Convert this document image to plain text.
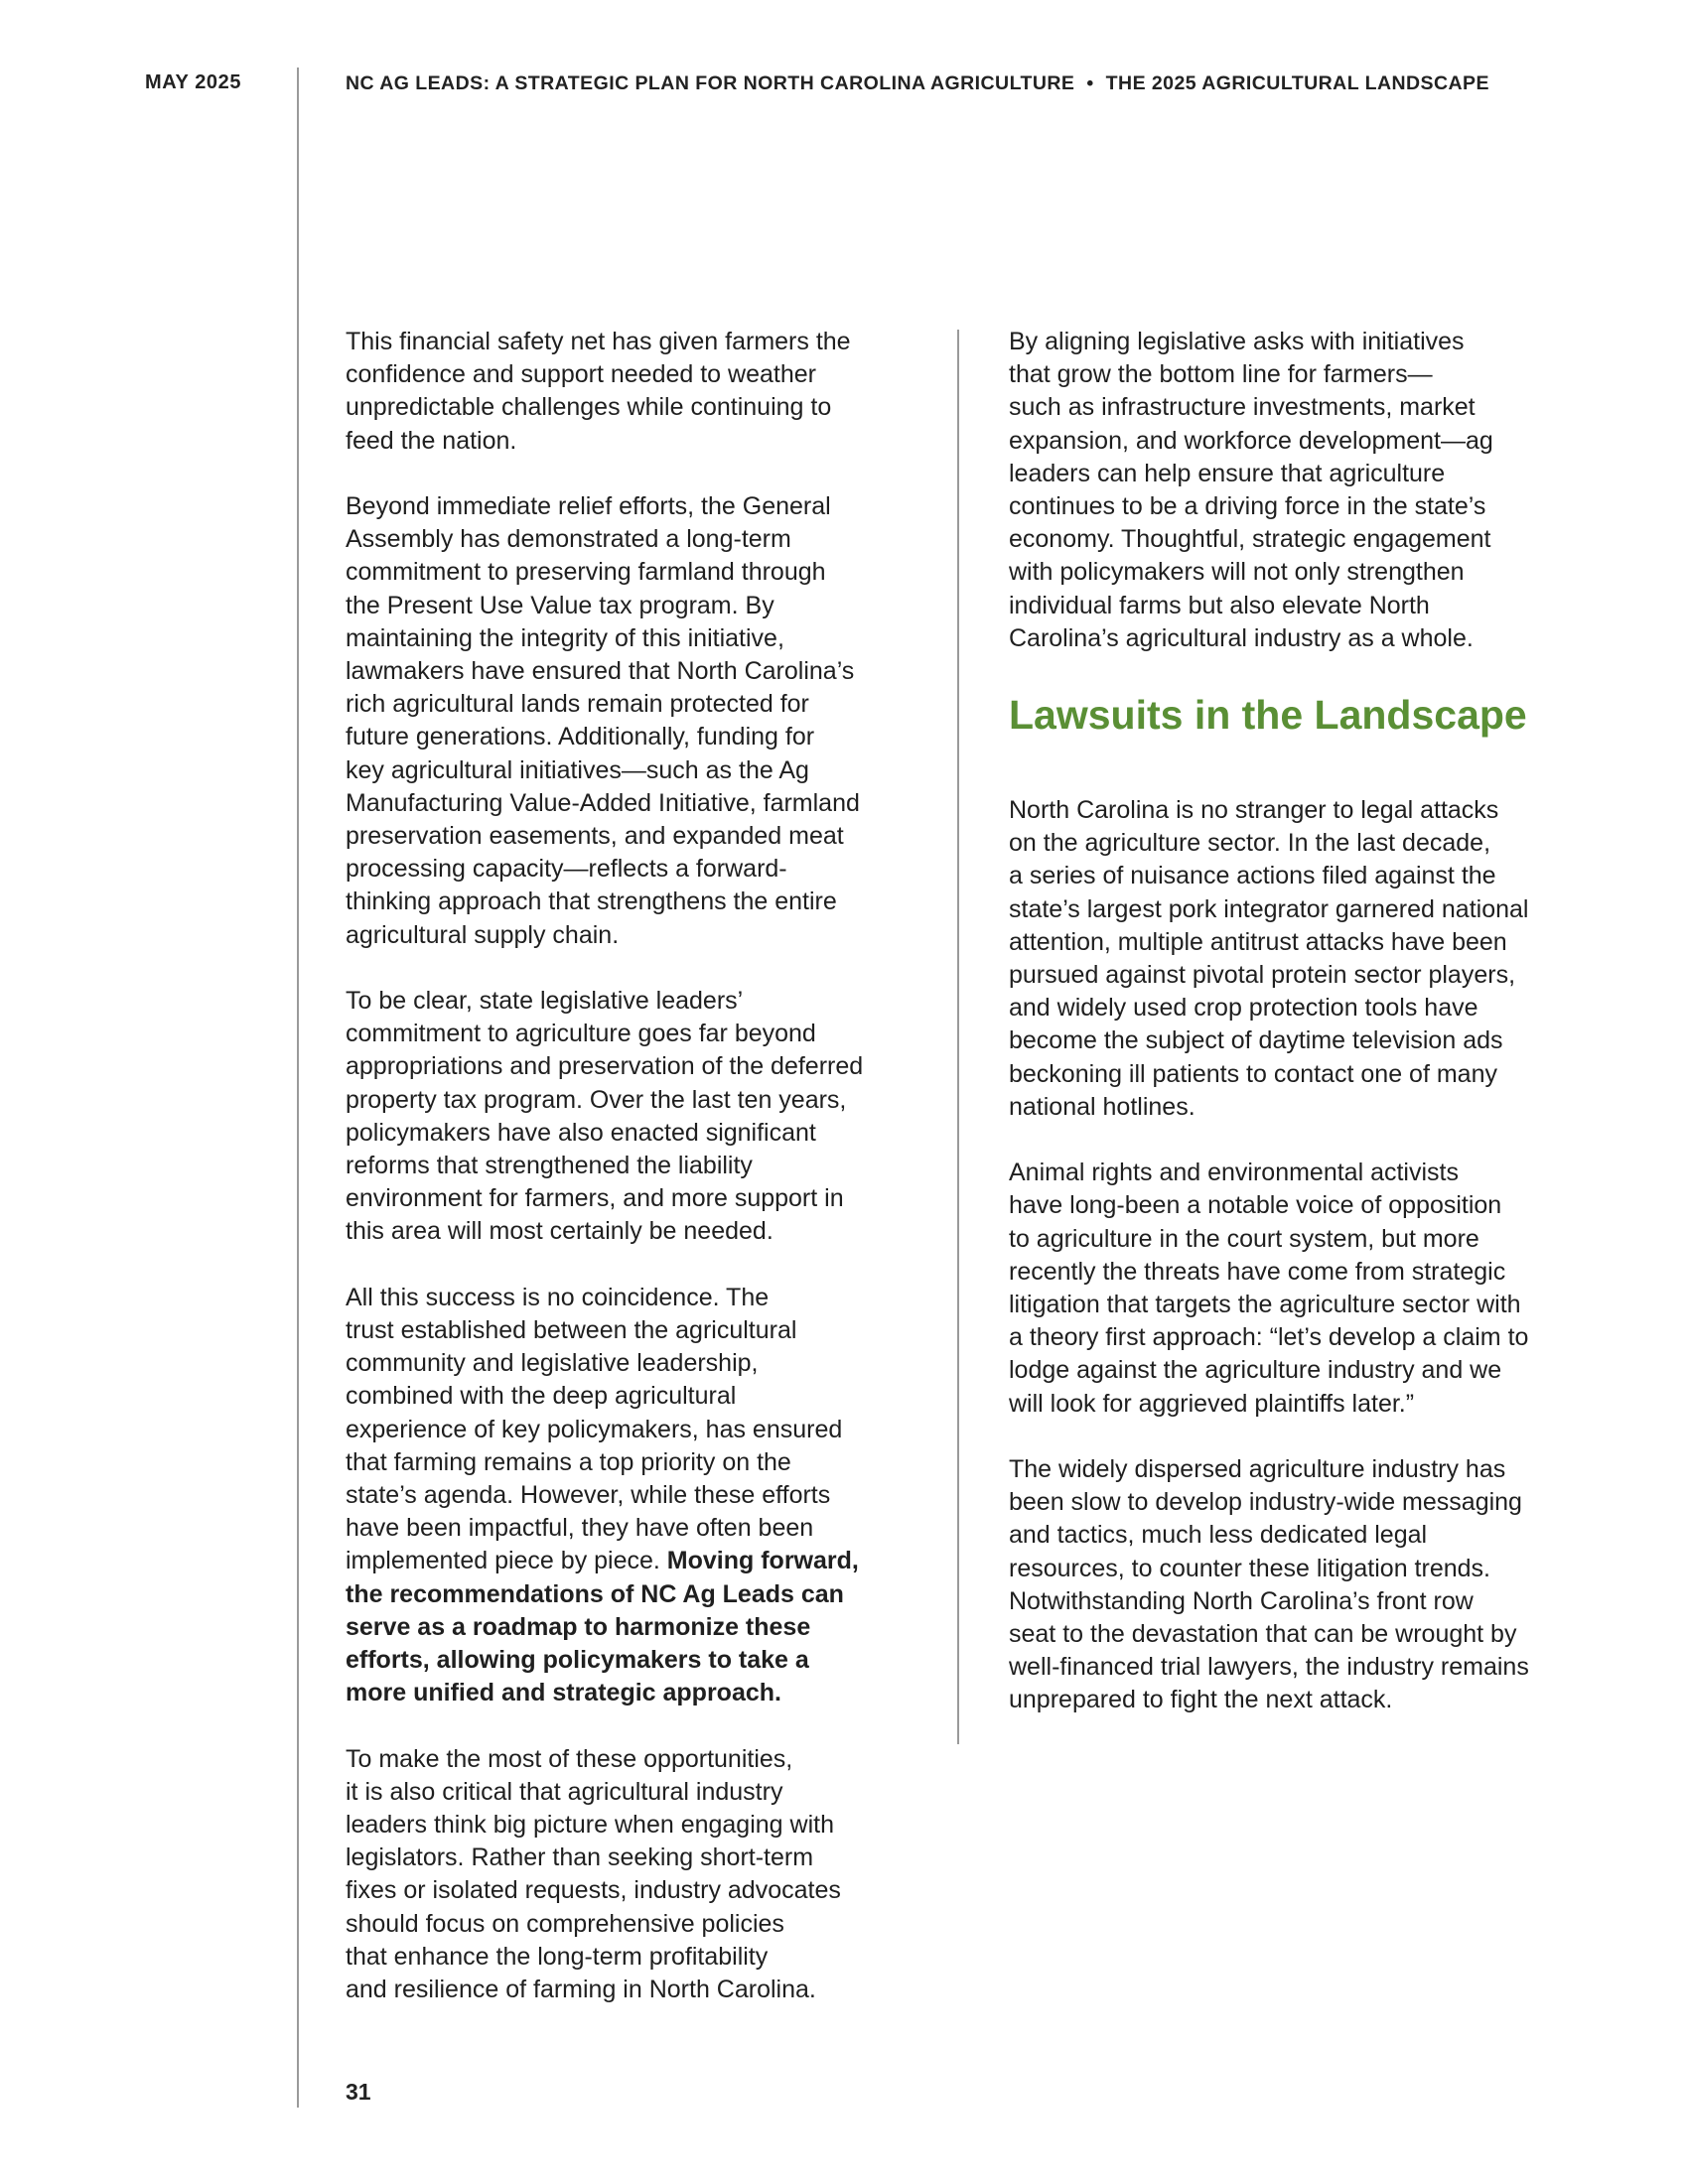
MAY 2025	NC AG LEADS: A STRATEGIC PLAN FOR NORTH CAROLINA AGRICULTURE • THE 2025 AGRICULTURAL LANDSCAPE

This financial safety net has given farmers the
confidence and support needed to weather
unpredictable challenges while continuing to
feed the nation.

Beyond immediate relief efforts, the General
Assembly has demonstrated a long-term
commitment to preserving farmland through
the Present Use Value tax program. By
maintaining the integrity of this initiative,
lawmakers have ensured that North Carolina’s
rich agricultural lands remain protected for
future generations. Additionally, funding for
key agricultural initiatives—such as the Ag
Manufacturing Value-Added Initiative, farmland
preservation easements, and expanded meat
processing capacity—reflects a forward-
thinking approach that strengthens the entire
agricultural supply chain.

To be clear, state legislative leaders’
commitment to agriculture goes far beyond
appropriations and preservation of the deferred
property tax program. Over the last ten years,
policymakers have also enacted significant
reforms that strengthened the liability
environment for farmers, and more support in
this area will most certainly be needed.

All this success is no coincidence. The
trust established between the agricultural
community and legislative leadership,
combined with the deep agricultural
experience of key policymakers, has ensured
that farming remains a top priority on the
state’s agenda. However, while these efforts
have been impactful, they have often been
implemented piece by piece. Moving forward,
the recommendations of NC Ag Leads can
serve as a roadmap to harmonize these
efforts, allowing policymakers to take a
more unified and strategic approach.

To make the most of these opportunities,
it is also critical that agricultural industry
leaders think big picture when engaging with
legislators. Rather than seeking short-term
fixes or isolated requests, industry advocates
should focus on comprehensive policies
that enhance the long-term profitability
and resilience of farming in North Carolina.

By aligning legislative asks with initiatives
that grow the bottom line for farmers—
such as infrastructure investments, market
expansion, and workforce development—ag
leaders can help ensure that agriculture
continues to be a driving force in the state’s
economy. Thoughtful, strategic engagement
with policymakers will not only strengthen
individual farms but also elevate North
Carolina’s agricultural industry as a whole.

Lawsuits in the Landscape

North Carolina is no stranger to legal attacks
on the agriculture sector. In the last decade,
a series of nuisance actions filed against the
state’s largest pork integrator garnered national
attention, multiple antitrust attacks have been
pursued against pivotal protein sector players,
and widely used crop protection tools have
become the subject of daytime television ads
beckoning ill patients to contact one of many
national hotlines.

Animal rights and environmental activists
have long-been a notable voice of opposition
to agriculture in the court system, but more
recently the threats have come from strategic
litigation that targets the agriculture sector with
a theory first approach: “let’s develop a claim to
lodge against the agriculture industry and we
will look for aggrieved plaintiffs later.”

The widely dispersed agriculture industry has
been slow to develop industry-wide messaging
and tactics, much less dedicated legal
resources, to counter these litigation trends.
Notwithstanding North Carolina’s front row
seat to the devastation that can be wrought by
well-financed trial lawyers, the industry remains
unprepared to fight the next attack.

31
